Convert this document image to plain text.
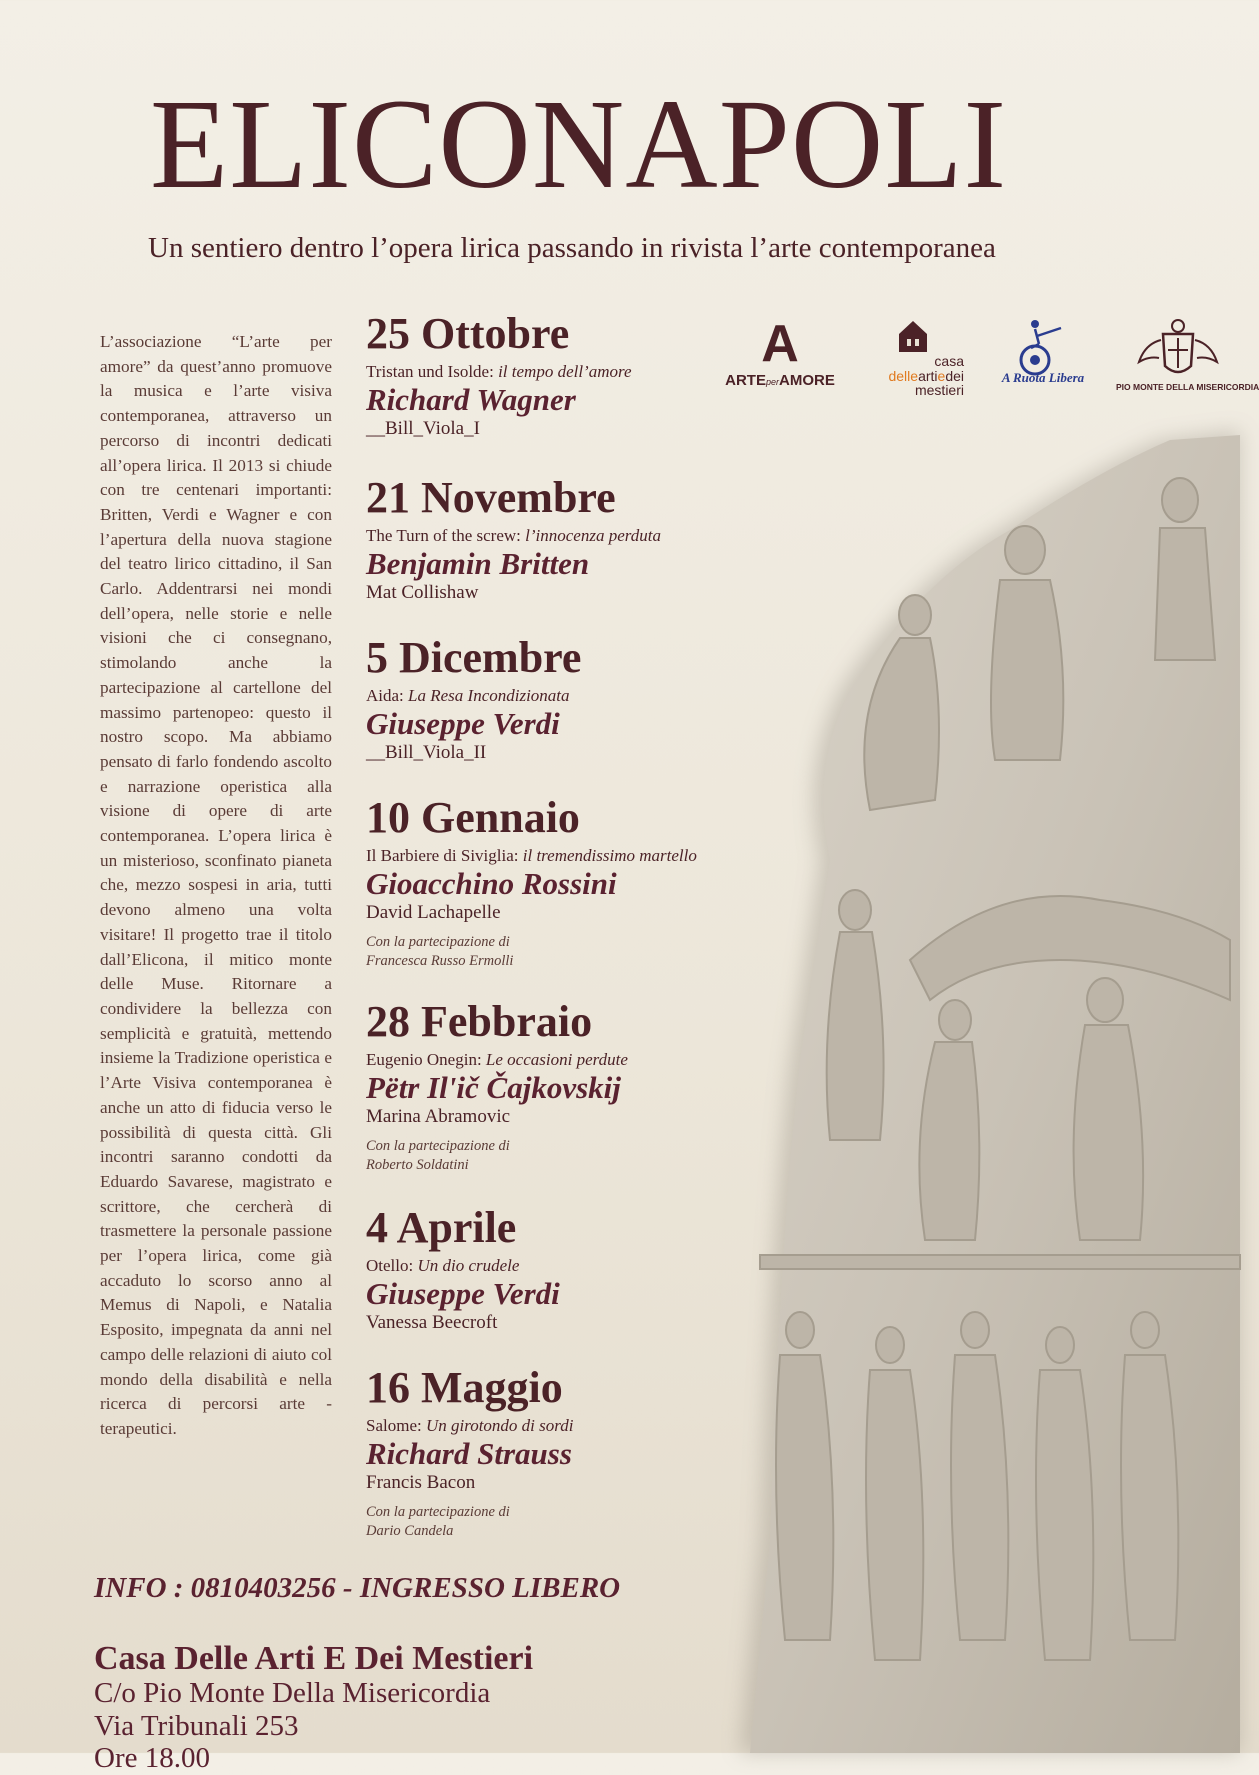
ELICONAPOLI
Un sentiero dentro l’opera lirica passando in rivista l’arte contemporanea
L’associazione “L’arte per amore” da quest’anno promuove la musica e l’arte visiva contemporanea, attraverso un percorso di incontri dedicati all’opera lirica. Il 2013 si chiude con tre centenari importanti: Britten, Verdi e Wagner e con l’apertura della nuova stagione del teatro lirico cittadino, il San Carlo. Addentrarsi nei mondi dell’opera, nelle storie e nelle visioni che ci consegnano, stimolando anche la partecipazione al cartellone del massimo partenopeo: questo il nostro scopo. Ma abbiamo pensato di farlo fondendo ascolto e narrazione operistica alla visione di opere di arte contemporanea. L’opera lirica è un misterioso, sconfinato pianeta che, mezzo sospesi in aria, tutti devono almeno una volta visitare! Il progetto trae il titolo dall’Elicona, il mitico monte delle Muse. Ritornare a condividere la bellezza con semplicità e gratuità, mettendo insieme la Tradizione operistica e l’Arte Visiva contemporanea è anche un atto di fiducia verso le possibilità di questa città. Gli incontri saranno condotti da Eduardo Savarese, magistrato e scrittore, che cercherà di trasmettere la personale passione per l’opera lirica, come già accaduto lo scorso anno al Memus di Napoli, e Natalia Esposito, impegnata da anni nel campo delle relazioni di aiuto col mondo della disabilità e nella ricerca di percorsi arte - terapeutici.
A
ARTEperAMORE
casa
delleartiedei
mestieri
A Ruota Libera
PIO MONTE DELLA MISERICORDIA
25 Ottobre
Tristan und Isolde: il tempo dell’amore
Richard Wagner
__Bill_Viola_I
21 Novembre
The Turn of the screw: l’innocenza perduta
Benjamin Britten
Mat Collishaw
5 Dicembre
Aida: La Resa Incondizionata
Giuseppe Verdi
__Bill_Viola_II
10 Gennaio
Il Barbiere di Siviglia: il tremendissimo martello
Gioacchino Rossini
David Lachapelle
Con la partecipazione di
Francesca Russo Ermolli
28 Febbraio
Eugenio Onegin: Le occasioni perdute
Pëtr Il'ič Čajkovskij
Marina Abramovic
Con la partecipazione di
Roberto Soldatini
4 Aprile
Otello: Un dio crudele
Giuseppe Verdi
Vanessa Beecroft
16 Maggio
Salome: Un girotondo di sordi
Richard Strauss
Francis Bacon
Con la partecipazione di
Dario Candela
INFO : 0810403256 - INGRESSO LIBERO
Casa Delle Arti E Dei Mestieri
C/o Pio Monte Della Misericordia
Via Tribunali 253
Ore 18.00
